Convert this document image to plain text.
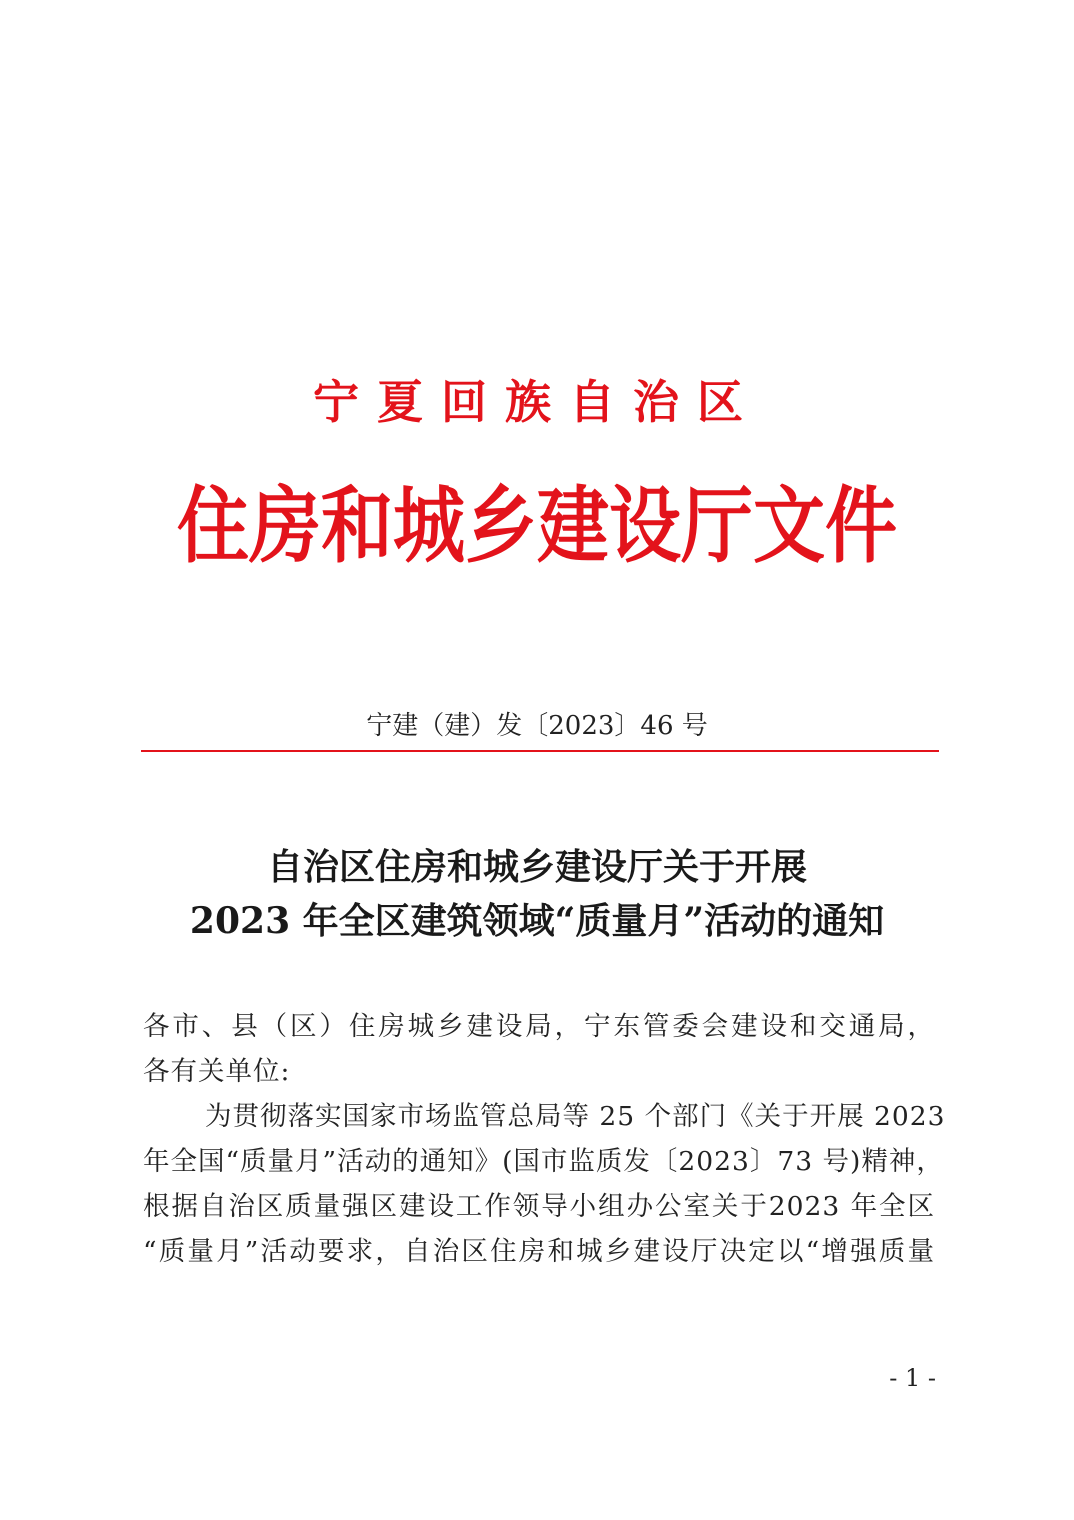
宁夏回族自治区
住房和城乡建设厅文件
宁建（建）发〔2023〕46 号
自治区住房和城乡建设厅关于开展
2023 年全区建筑领域“质量月”活动的通知
各市、县（区）住房城乡建设局，宁东管委会建设和交通局，
各有关单位:
为贯彻落实国家市场监管总局等 25 个部门《关于开展 2023
年全国“质量月”活动的通知》(国市监质发〔2023〕73 号)精神，
根据自治区质量强区建设工作领导小组办公室关于2023 年全区
“质量月”活动要求，自治区住房和城乡建设厅决定以“增强质量
- 1 -
